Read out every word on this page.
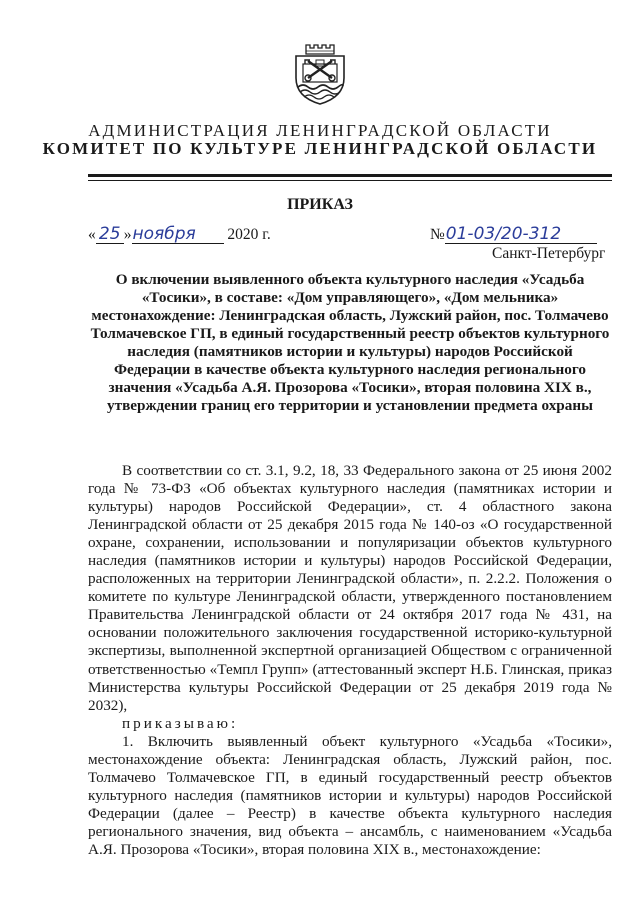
АДМИНИСТРАЦИЯ ЛЕНИНГРАДСКОЙ ОБЛАСТИ
КОМИТЕТ ПО КУЛЬТУРЕ ЛЕНИНГРАДСКОЙ ОБЛАСТИ
ПРИКАЗ
« 25 »ноября 2020 г.	№01-03/20-312
Санкт-Петербург
О включении выявленного объекта культурного наследия «Усадьба «Тосики», в составе: «Дом управляющего», «Дом мельника» местонахождение: Ленинградская область, Лужский район, пос. Толмачево Толмачевское ГП, в единый государственный реестр объектов культурного наследия (памятников истории и культуры) народов Российской Федерации в качестве объекта культурного наследия регионального значения «Усадьба А.Я. Прозорова «Тосики», вторая половина XIX в., утверждении границ его территории и установлении предмета охраны

В соответствии со ст. 3.1, 9.2, 18, 33 Федерального закона от 25 июня 2002 года № 73-ФЗ «Об объектах культурного наследия (памятниках истории и культуры) народов Российской Федерации», ст. 4 областного закона Ленинградской области от 25 декабря 2015 года № 140-оз «О государственной охране, сохранении, использовании и популяризации объектов культурного наследия (памятников истории и культуры) народов Российской Федерации, расположенных на территории Ленинградской области», п. 2.2.2. Положения о комитете по культуре Ленинградской области, утвержденного постановлением Правительства Ленинградской области от 24 октября 2017 года № 431, на основании положительного заключения государственной историко-культурной экспертизы, выполненной экспертной организацией Обществом с ограниченной ответственностью «Темпл Групп» (аттестованный эксперт Н.Б. Глинская, приказ Министерства культуры Российской Федерации от 25 декабря 2019 года № 2032),

приказываю:

1. Включить выявленный объект культурного «Усадьба «Тосики», местонахождение объекта: Ленинградская область, Лужский район, пос. Толмачево Толмачевское ГП, в единый государственный реестр объектов культурного наследия (памятников истории и культуры) народов Российской Федерации (далее – Реестр) в качестве объекта культурного наследия регионального значения, вид объекта – ансамбль, с наименованием «Усадьба А.Я. Прозорова «Тосики», вторая половина XIX в., местонахождение:
